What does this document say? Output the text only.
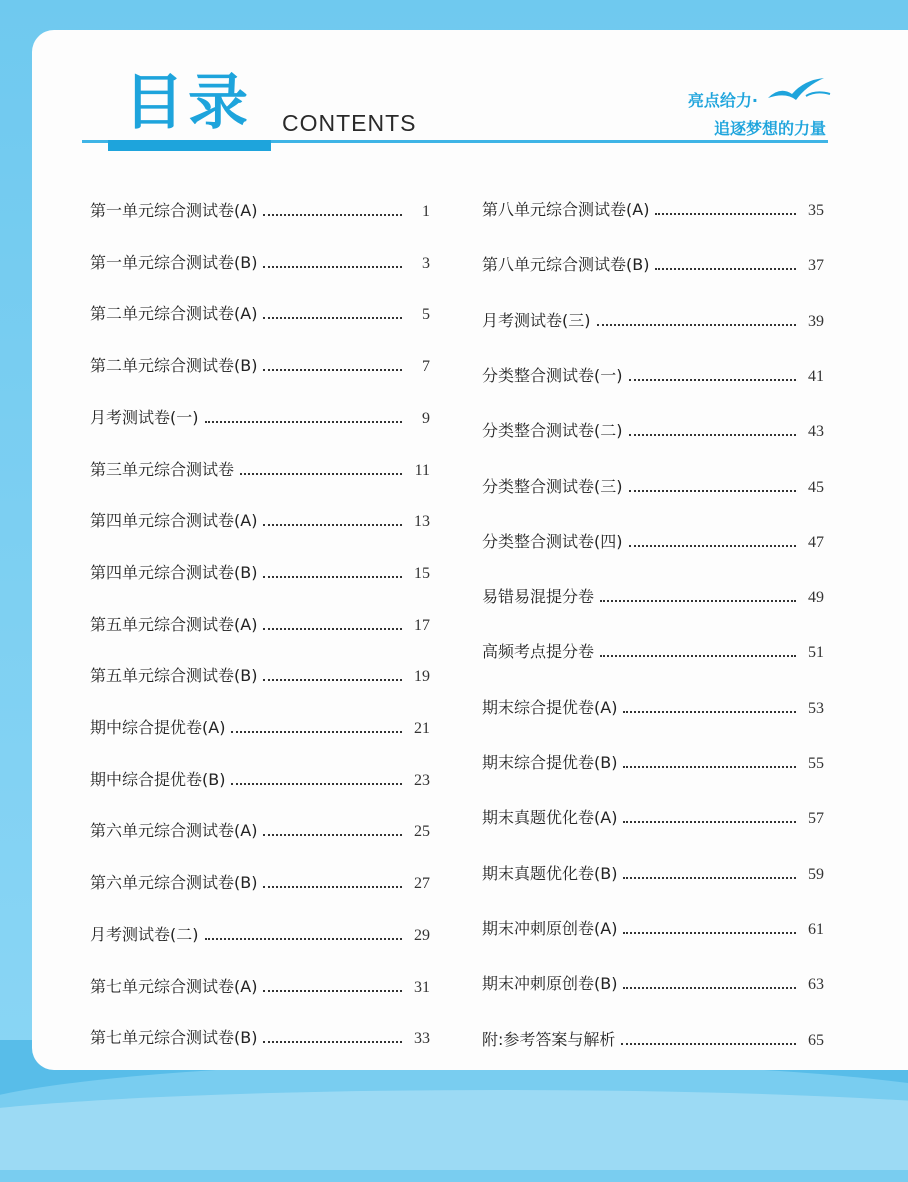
目录 CONTENTS
亮点给力·
追逐梦想的力量
第一单元综合测试卷(A)	1
第一单元综合测试卷(B)	3
第二单元综合测试卷(A)	5
第二单元综合测试卷(B)	7
月考测试卷(一)	9
第三单元综合测试卷	11
第四单元综合测试卷(A)	13
第四单元综合测试卷(B)	15
第五单元综合测试卷(A)	17
第五单元综合测试卷(B)	19
期中综合提优卷(A)	21
期中综合提优卷(B)	23
第六单元综合测试卷(A)	25
第六单元综合测试卷(B)	27
月考测试卷(二)	29
第七单元综合测试卷(A)	31
第七单元综合测试卷(B)	33
第八单元综合测试卷(A)	35
第八单元综合测试卷(B)	37
月考测试卷(三)	39
分类整合测试卷(一)	41
分类整合测试卷(二)	43
分类整合测试卷(三)	45
分类整合测试卷(四)	47
易错易混提分卷	49
高频考点提分卷	51
期末综合提优卷(A)	53
期末综合提优卷(B)	55
期末真题优化卷(A)	57
期末真题优化卷(B)	59
期末冲刺原创卷(A)	61
期末冲刺原创卷(B)	63
附:参考答案与解析	65
